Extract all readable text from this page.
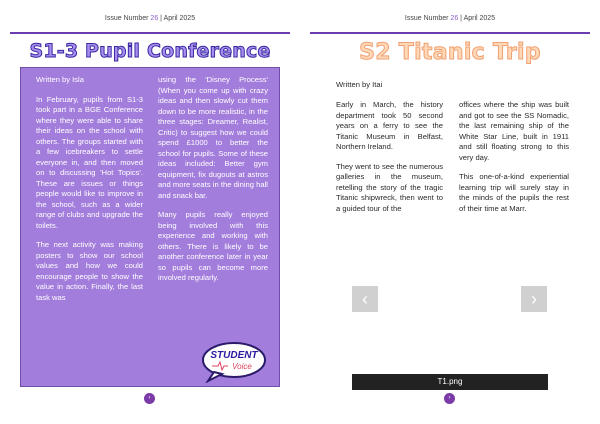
Issue Number 26 | April 2025
S1-3 Pupil Conference
‹

Written by Isla

In February, pupils from S1-3 took part in a BGE Conference where they were able to share their ideas on the school with others. The groups started with a few icebreakers to settle everyone in, and then moved on to discussing 'Hot Topics'. These are issues or things people would like to improve in the school, such as a wider range of clubs and upgrade the toilets.

The next activity was making posters to show our school values and how we could encourage people to show the value in action. Finally, the last task was

using the 'Disney Process' (When you come up with crazy ideas and then slowly cut them down to be more realistic, in the three stages: Dreamer, Realist, Critic) to suggest how we could spend £1000 to better the school for pupils. Some of these ideas included: Better gym equipment, fix dugouts at astros and more seats in the dining hall and snack bar.

Many pupils really enjoyed being involved with this experience and working with others. There is likely to be another conference later in year so pupils can become more involved regularly.

STUDENT
Voice
Issue Number 26 | April 2025
S2 Titanic Trip
›
Written by Itai

Early in March, the history department took 50 second years on a ferry to see the Titanic Museum in Belfast, Northern Ireland.

They went to see the numerous galleries in the museum, retelling the story of the tragic Titanic shipwreck, then went to a guided tour of the

offices where the ship was built and got to see the SS Nomadic, the last remaining ship of the White Star Line, built in 1911 and still floating strong to this very day.

This one-of-a-kind experiential learning trip will surely stay in the minds of the pupils the rest of their time at Marr.

‹	›
T1.png
